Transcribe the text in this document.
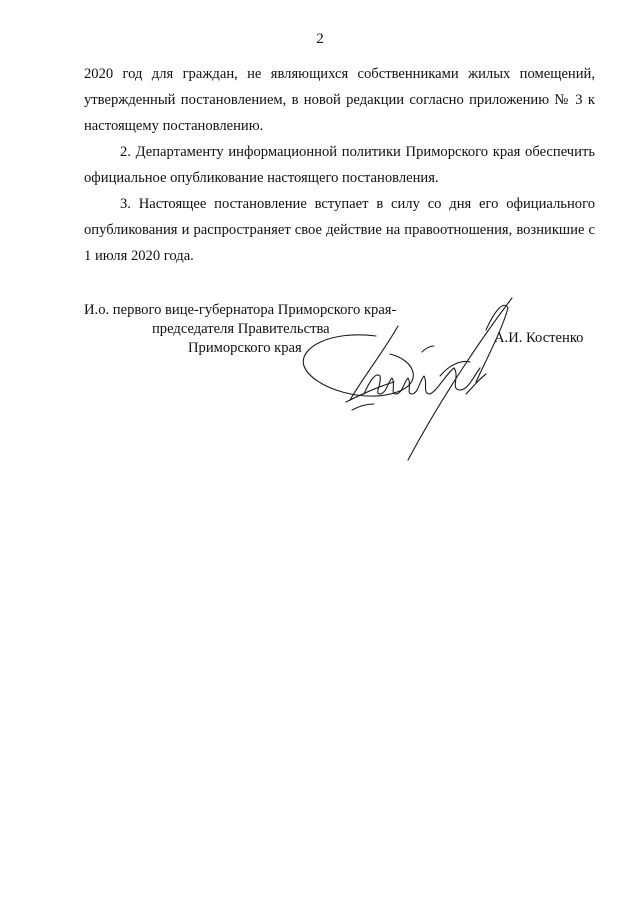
2

2020 год для граждан, не являющихся собственниками жилых помещений, утвержденный постановлением, в новой редакции согласно приложению № 3 к настоящему постановлению.

2. Департаменту информационной политики Приморского края обеспечить официальное опубликование настоящего постановления.

3. Настоящее постановление вступает в силу со дня его официального опубликования и распространяет свое действие на правоотношения, возникшие с 1 июля 2020 года.

И.о. первого вице-губернатора Приморского края-
председателя Правительства
Приморского края
А.И. Костенко
